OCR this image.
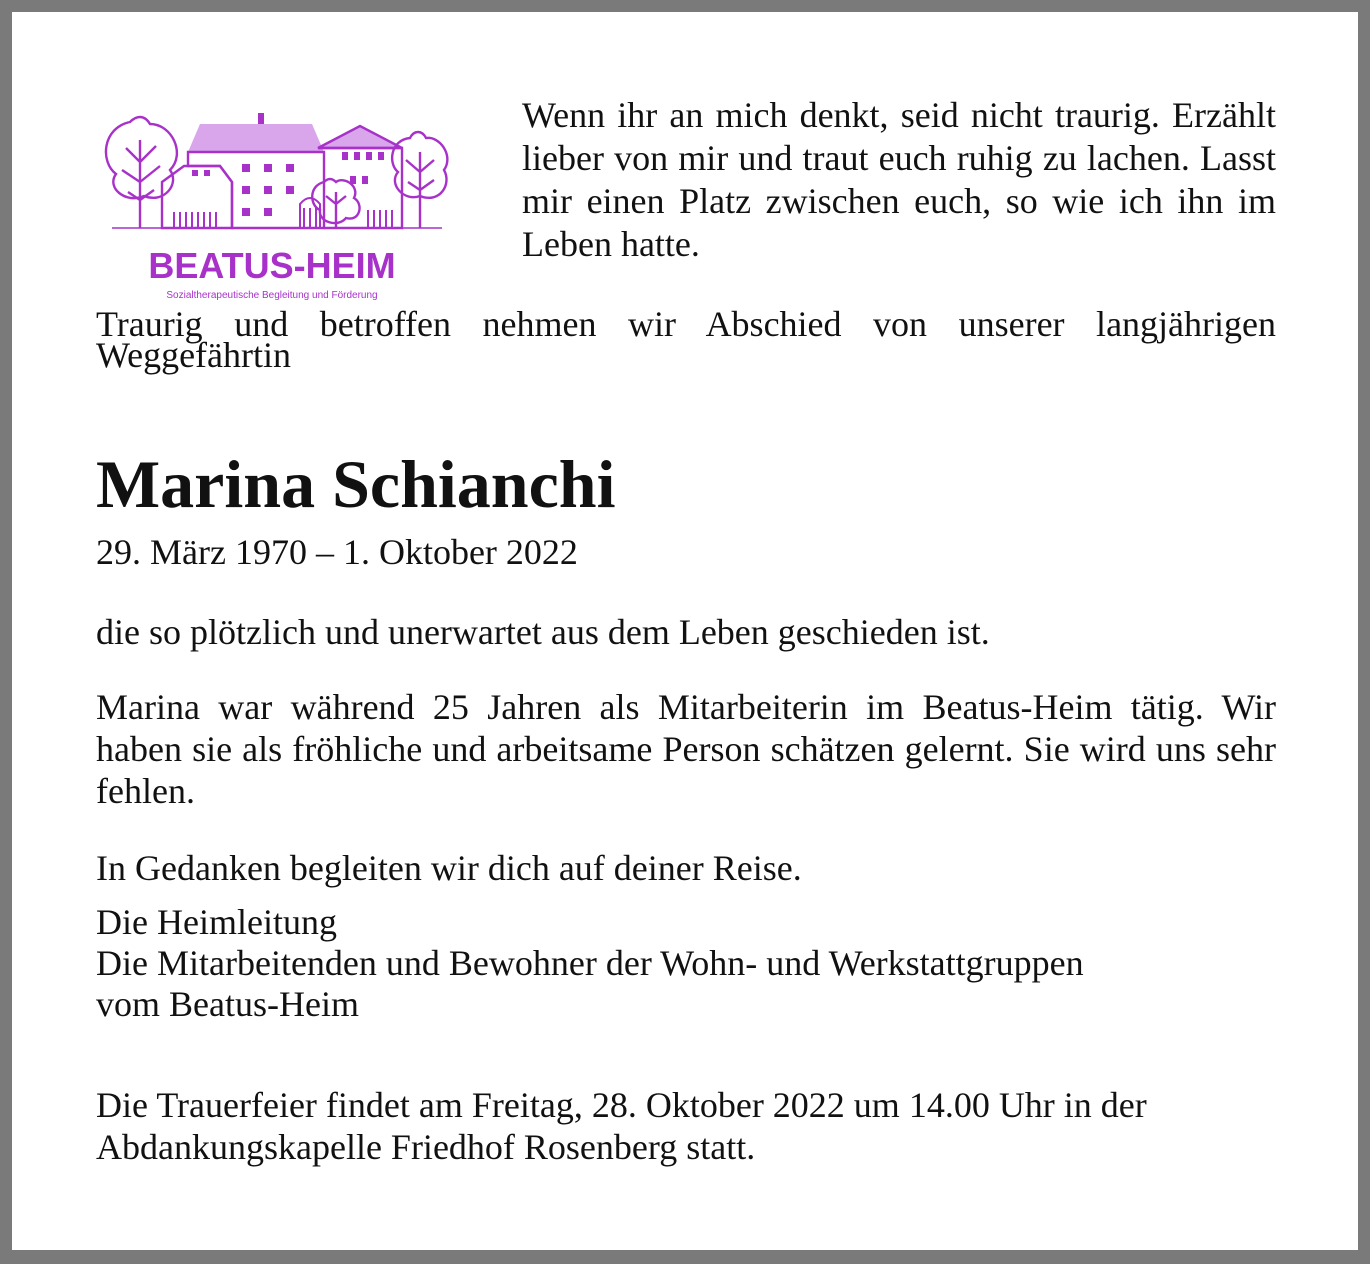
BEATUS-HEIM
Sozialtherapeutische Begleitung und Förderung

Wenn ihr an mich denkt, seid nicht traurig. Erzählt lieber von mir und traut euch ruhig zu lachen. Lasst mir einen Platz zwischen euch, so wie ich ihn im Leben hatte.

Traurig und betroffen nehmen wir Abschied von unserer langjährigen Weggefährtin

Marina Schianchi

29. März 1970 – 1. Oktober 2022

die so plötzlich und unerwartet aus dem Leben geschieden ist.

Marina war während 25 Jahren als Mitarbeiterin im Beatus-Heim tätig. Wir haben sie als fröhliche und arbeitsame Person schätzen gelernt. Sie wird uns sehr fehlen.

In Gedanken begleiten wir dich auf deiner Reise.

Die Heimleitung
Die Mitarbeitenden und Bewohner der Wohn- und Werkstattgruppen
vom Beatus-Heim

Die Trauerfeier findet am Freitag, 28. Oktober 2022 um 14.00 Uhr in der Abdankungskapelle Friedhof Rosenberg statt.
